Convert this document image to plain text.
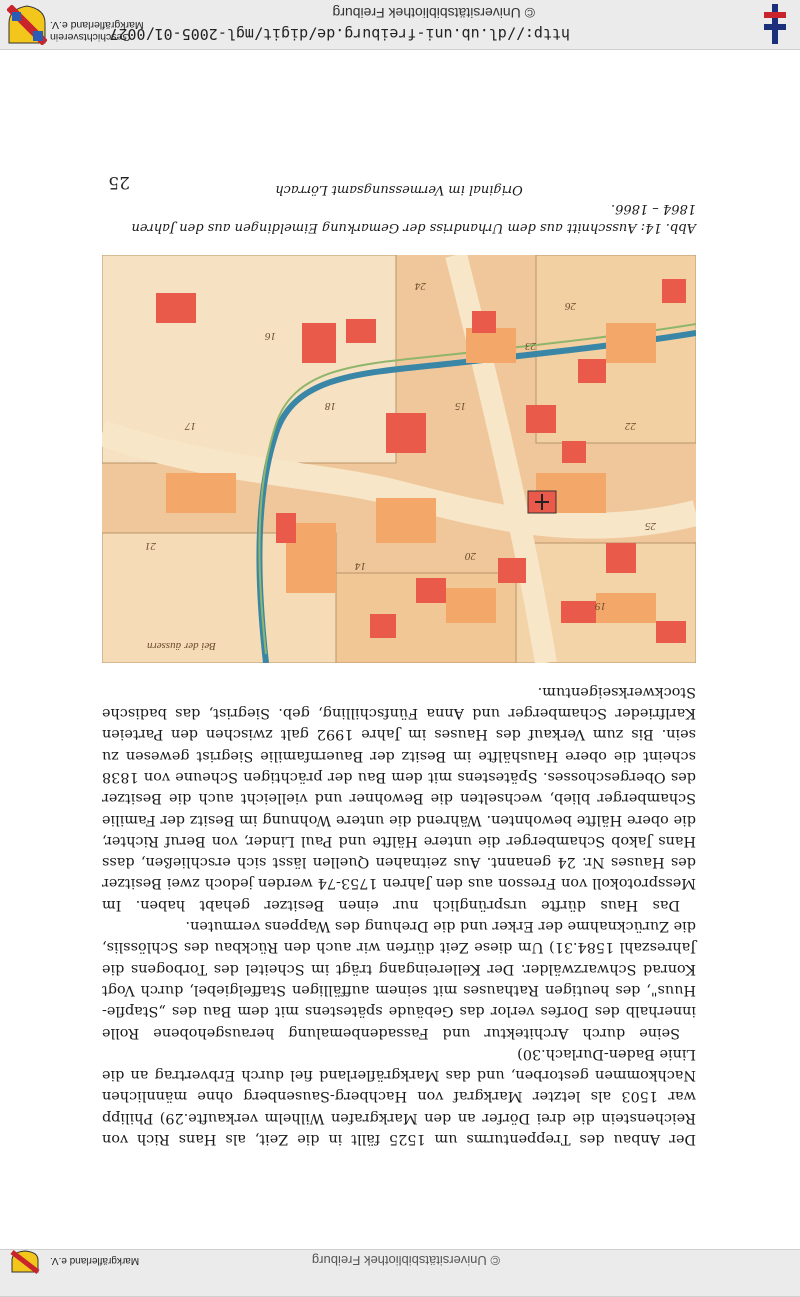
http://dl.ub.uni-freiburg.de/digit/mgl-2005-01/0027
© Universitätsbibliothek Freiburg
Geschichtsverein
Markgräflerland e.V.
© Universitätsbibliothek Freiburg
Markgräflerland e.V.

Der Anbau des Treppenturms um 1525 fällt in die Zeit, als Hans Rich von Reichenstein die drei Dörfer an den Markgrafen Wilhelm verkaufte.29) Philipp war 1503 als letzter Markgraf von Hachberg-Sausenberg ohne männlichen Nachkommen gestorben, und das Markgräflerland fiel durch Erbvertrag an die Linie Baden-Durlach.30)

Seine durch Architektur und Fassadenbemalung herausgehobene Rolle innerhalb des Dorfes verlor das Gebäude spätestens mit dem Bau des „Stapfle-Huus", des heutigen Rathauses mit seinem auffälligen Staffelgiebel, durch Vogt Konrad Schwarzwälder. Der Kellereingang trägt im Scheitel des Torbogens die Jahreszahl 1584.31) Um diese Zeit dürfen wir auch den Rückbau des Schlösslis, die Zurücknahme der Erker und die Drehung des Wappens vermuten.

Das Haus dürfte ursprünglich nur einen Besitzer gehabt haben. Im Messprotokoll von Fresson aus den Jahren 1753-74 werden jedoch zwei Besitzer des Hauses Nr. 24 genannt. Aus zeitnahen Quellen lässt sich erschließen, dass Hans Jakob Schamberger die untere Hälfte und Paul Linder, von Beruf Richter, die obere Hälfte bewohnten. Während die untere Wohnung im Besitz der Familie Schamberger blieb, wechselten die Bewohner und vielleicht auch die Besitzer des Obergeschosses. Spätestens mit dem Bau der prächtigen Scheune von 1838 scheint die obere Haushälfte im Besitz der Bauernfamilie Siegrist gewesen zu sein. Bis zum Verkauf des Hauses im Jahre 1992 galt zwischen den Parteien Karlfrieder Schamberger und Anna Fünfschilling, geb. Siegrist, das badische Stockwerkseigentum.

Bei der äussern
19
20
14
17
18	15
16
22
23
24
25
26
21
Abb. 14: Ausschnitt aus dem Urhandriss der Gemarkung Eimeldingen aus den Jahren 1864 – 1866.
Original im Vermessungsamt Lörrach
25
